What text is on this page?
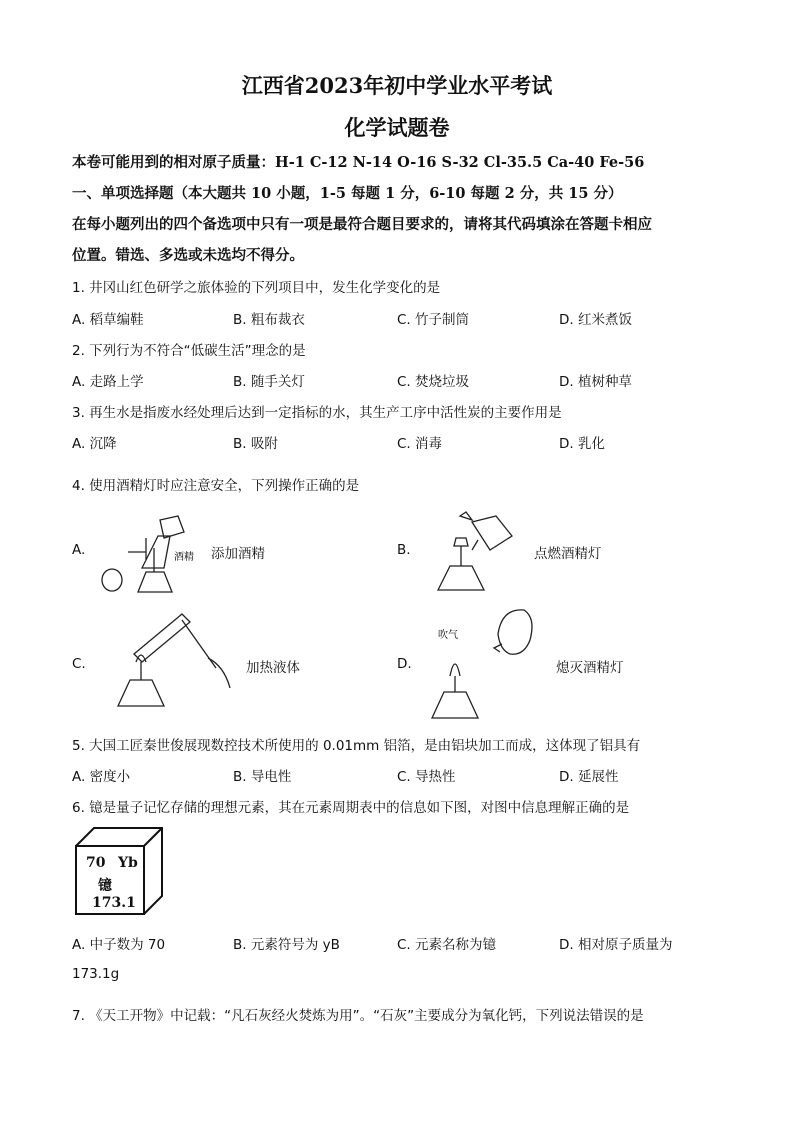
江西省2023年初中学业水平考试
化学试题卷
本卷可能用到的相对原子质量：H-1 C-12 N-14 O-16 S-32 Cl-35.5 Ca-40 Fe-56
一、单项选择题（本大题共 10 小题，1-5 每题 1 分，6-10 每题 2 分，共 15 分）
在每小题列出的四个备选项中只有一项是最符合题目要求的，请将其代码填涂在答题卡相应
位置。错选、多选或未选均不得分。
1. 井冈山红色研学之旅体验的下列项目中，发生化学变化的是
A. 稻草编鞋	B. 粗布裁衣	C. 竹子制筒	D. 红米煮饭
2. 下列行为不符合“低碳生活”理念的是
A. 走路上学	B. 随手关灯	C. 焚烧垃圾	D. 植树种草
3. 再生水是指废水经处理后达到一定指标的水，其生产工序中活性炭的主要作用是
A. 沉降	B. 吸附	C. 消毒	D. 乳化
4. 使用酒精灯时应注意安全，下列操作正确的是
A.	酒精 添加酒精	B.	点燃酒精灯
C.	加热液体	D.
吹气
熄灭酒精灯
5. 大国工匠秦世俊展现数控技术所使用的 0.01mm 铝箔，是由铝块加工而成，这体现了铝具有
A. 密度小	B. 导电性	C. 导热性	D. 延展性
6. 镱是量子记忆存储的理想元素，其在元素周期表中的信息如下图，对图中信息理解正确的是
70 Yb
镱
173.1
A. 中子数为 70	B. 元素符号为 yB	C. 元素名称为镱	D. 相对原子质量为
173.1g
7. 《天工开物》中记载：“凡石灰经火焚炼为用”。“石灰”主要成分为氧化钙，下列说法错误的是
